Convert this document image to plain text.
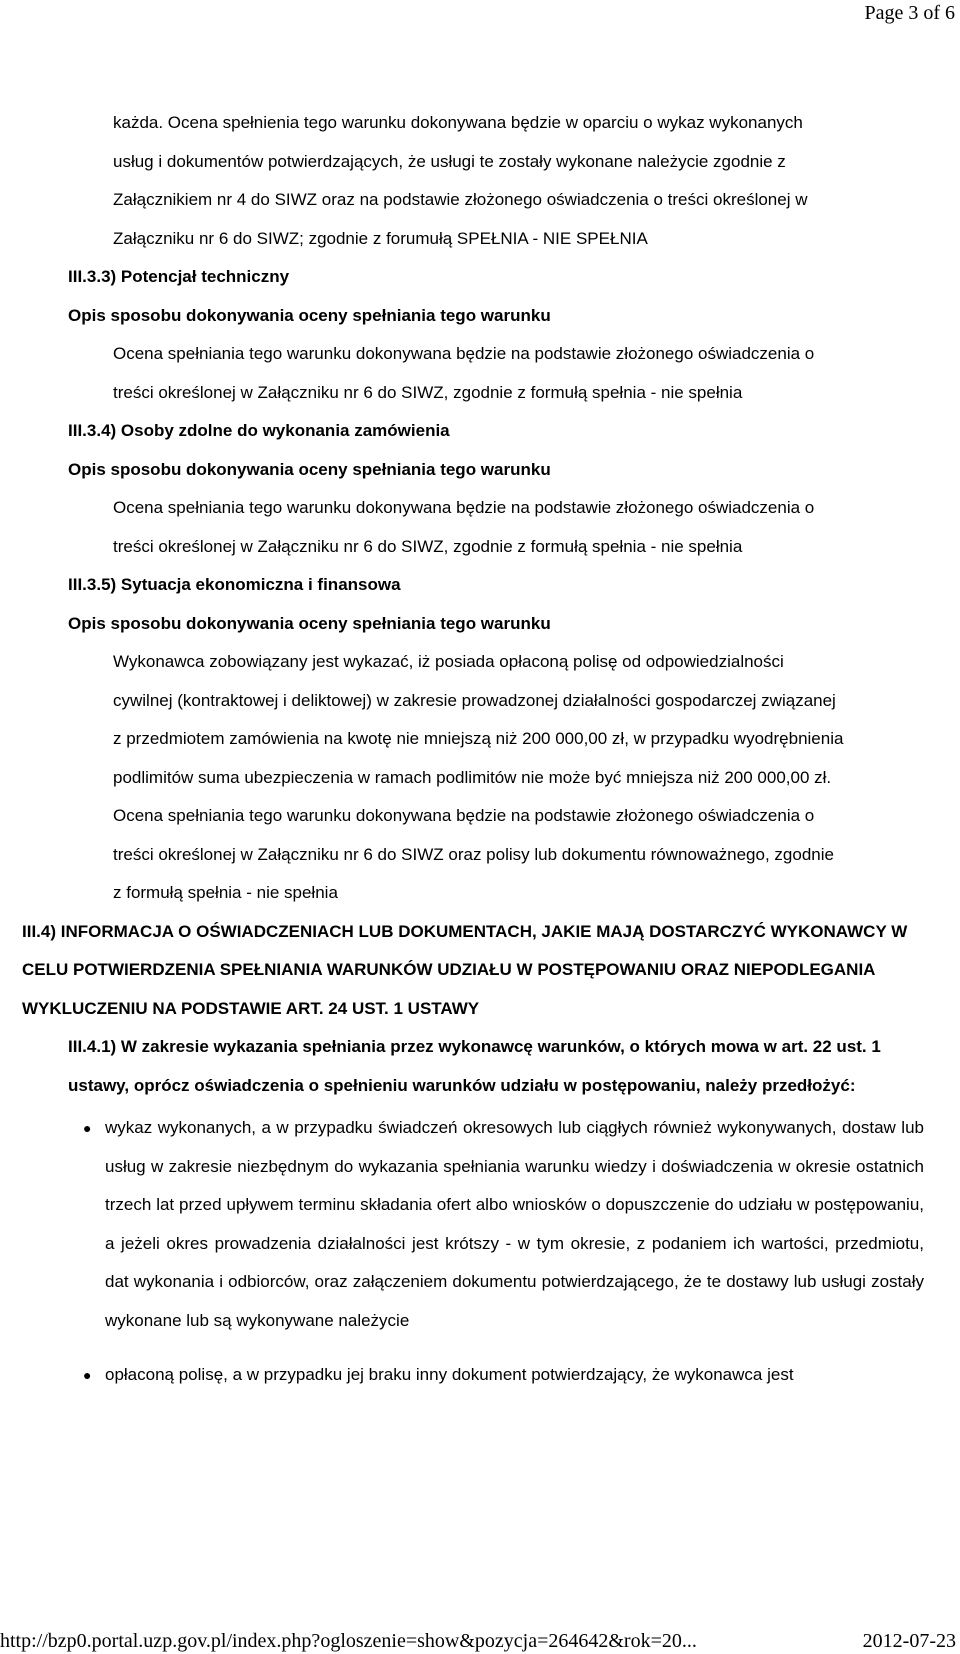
Page 3 of 6

każda. Ocena spełnienia tego warunku dokonywana będzie w oparciu o wykaz wykonanych

usług i dokumentów potwierdzających, że usługi te zostały wykonane należycie zgodnie z

Załącznikiem nr 4 do SIWZ oraz na podstawie złożonego oświadczenia o treści określonej w

Załączniku nr 6 do SIWZ; zgodnie z forumułą SPEŁNIA - NIE SPEŁNIA

III.3.3) Potencjał techniczny

Opis sposobu dokonywania oceny spełniania tego warunku

Ocena spełniania tego warunku dokonywana będzie na podstawie złożonego oświadczenia o

treści określonej w Załączniku nr 6 do SIWZ, zgodnie z formułą spełnia - nie spełnia

III.3.4) Osoby zdolne do wykonania zamówienia

Opis sposobu dokonywania oceny spełniania tego warunku

Ocena spełniania tego warunku dokonywana będzie na podstawie złożonego oświadczenia o

treści określonej w Załączniku nr 6 do SIWZ, zgodnie z formułą spełnia - nie spełnia

III.3.5) Sytuacja ekonomiczna i finansowa

Opis sposobu dokonywania oceny spełniania tego warunku

Wykonawca zobowiązany jest wykazać, iż posiada opłaconą polisę od odpowiedzialności

cywilnej (kontraktowej i deliktowej) w zakresie prowadzonej działalności gospodarczej związanej

z przedmiotem zamówienia na kwotę nie mniejszą niż 200 000,00 zł, w przypadku wyodrębnienia

podlimitów suma ubezpieczenia w ramach podlimitów nie może być mniejsza niż 200 000,00 zł.

Ocena spełniania tego warunku dokonywana będzie na podstawie złożonego oświadczenia o

treści określonej w Załączniku nr 6 do SIWZ oraz polisy lub dokumentu równoważnego, zgodnie

z formułą spełnia - nie spełnia

III.4) INFORMACJA O OŚWIADCZENIACH LUB DOKUMENTACH, JAKIE MAJĄ DOSTARCZYĆ WYKONAWCY W CELU POTWIERDZENIA SPEŁNIANIA WARUNKÓW UDZIAŁU W POSTĘPOWANIU ORAZ NIEPODLEGANIA WYKLUCZENIU NA PODSTAWIE ART. 24 UST. 1 USTAWY

III.4.1) W zakresie wykazania spełniania przez wykonawcę warunków, o których mowa w art. 22 ust. 1 ustawy, oprócz oświadczenia o spełnieniu warunków udziału w postępowaniu, należy przedłożyć:

● wykaz wykonanych, a w przypadku świadczeń okresowych lub ciągłych również wykonywanych, dostaw lub usług w zakresie niezbędnym do wykazania spełniania warunku wiedzy i doświadczenia w okresie ostatnich trzech lat przed upływem terminu składania ofert albo wniosków o dopuszczenie do udziału w postępowaniu, a jeżeli okres prowadzenia działalności jest krótszy - w tym okresie, z podaniem ich wartości, przedmiotu, dat wykonania i odbiorców, oraz załączeniem dokumentu potwierdzającego, że te dostawy lub usługi zostały wykonane lub są wykonywane należycie
● opłaconą polisę, a w przypadku jej braku inny dokument potwierdzający, że wykonawca jest
http://bzp0.portal.uzp.gov.pl/index.php?ogloszenie=show&pozycja=264642&rok=20...	2012-07-23
